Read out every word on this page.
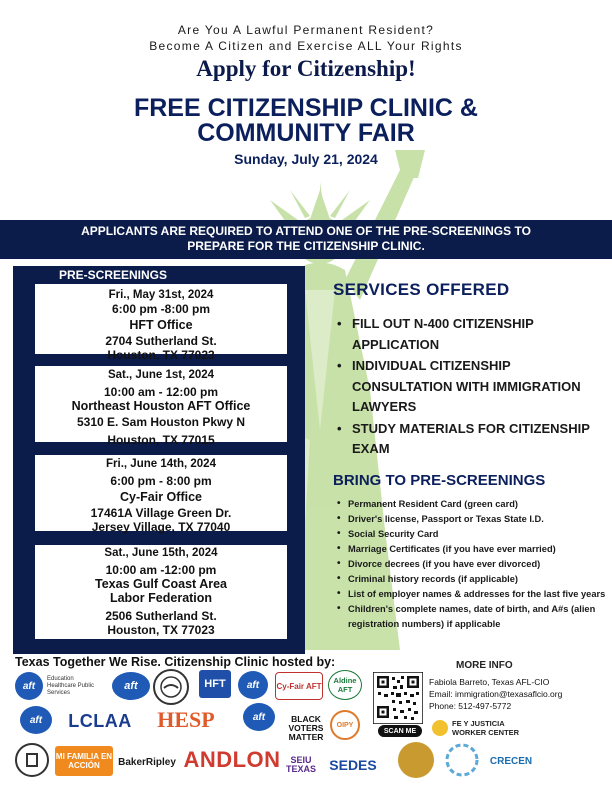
Are You A Lawful Permanent Resident?
Become A Citizen and Exercise ALL Your Rights
Apply for Citizenship!
FREE CITIZENSHIP CLINIC &
COMMUNITY FAIR
Sunday, July 21, 2024
APPLICANTS ARE REQUIRED TO ATTEND ONE OF THE PRE-SCREENINGS TO
PREPARE FOR THE CITIZENSHIP CLINIC.
PRE-SCREENINGS
Fri., May 31st, 2024
6:00 pm -8:00 pm
HFT Office
2704 Sutherland St.
Houston, TX 77023
Sat., June 1st, 2024
10:00 am - 12:00 pm
Northeast Houston AFT Office
5310 E. Sam Houston Pkwy N
Houston, TX 77015
Fri., June 14th, 2024
6:00 pm - 8:00 pm
Cy-Fair Office
17461A Village Green Dr.
Jersey Village, TX 77040
Sat., June 15th, 2024
10:00 am -12:00 pm
Texas Gulf Coast Area
Labor Federation
2506 Sutherland St.
Houston, TX 77023
SERVICES OFFERED
• FILL OUT N-400 CITIZENSHIP APPLICATION
• INDIVIDUAL CITIZENSHIP CONSULTATION WITH IMMIGRATION LAWYERS
• STUDY MATERIALS FOR CITIZENSHIP EXAM
BRING TO PRE-SCREENINGS
• Permanent Resident Card (green card)
• Driver's license, Passport or Texas State I.D.
• Social Security Card
• Marriage Certificates (if you have ever married)
• Divorce decrees (if you have ever divorced)
• Criminal history records (if applicable)
• List of employer names & addresses for the last five years
• Children's complete names, date of birth, and A#s (alien registration numbers) if applicable
Texas Together We Rise. Citizenship Clinic hosted by:	MORE INFO
Fabiola Barreto, Texas AFL-CIO
Email: immigration@texasaflcio.org
Phone: 512-497-5772
aft
Education Healthcare Public Services
aft	HFT	aft	Cy-Fair AFT
Aldine AFT
aft	LCLAA	HESP	aft	BLACK VOTERS MATTER
OIPY
SCAN ME
FE Y JUSTICIA WORKER CENTER
MI FAMILIA EN ACCIÓN	BakerRipley ANDLON	SEIU TEXAS SEDES	CRECEN
